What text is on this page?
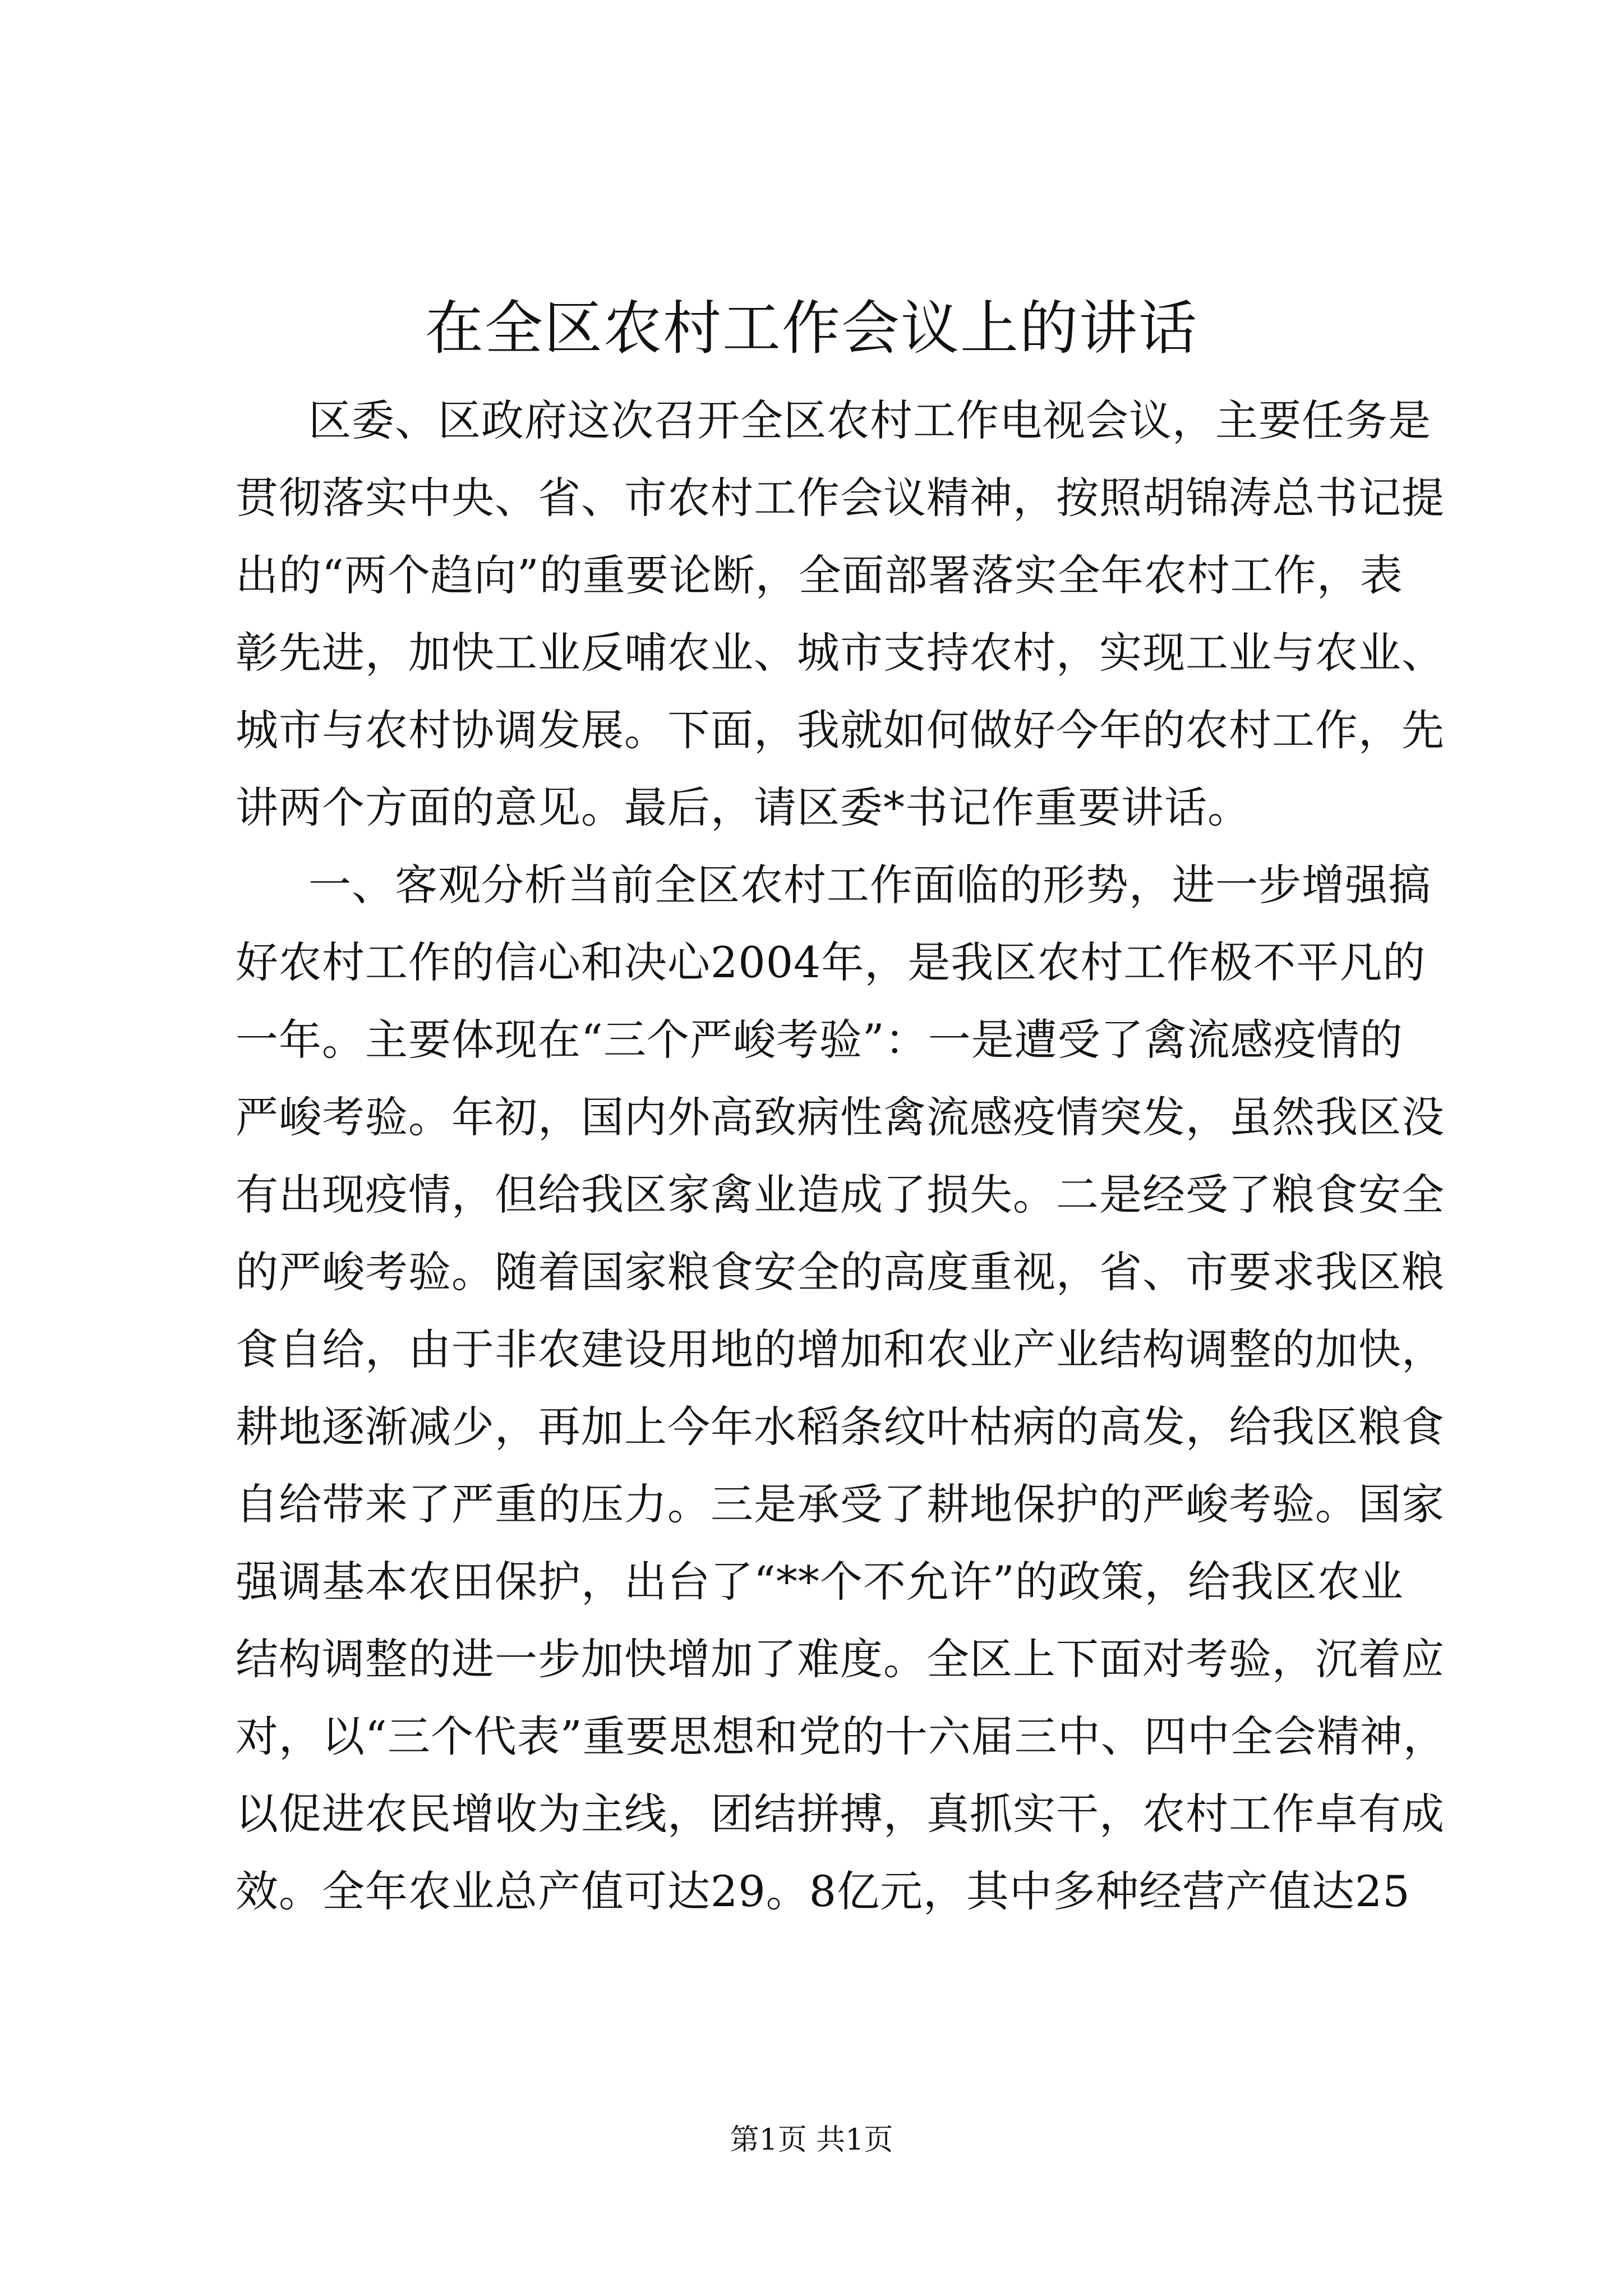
在全区农村工作会议上的讲话

区委、区政府这次召开全区农村工作电视会议，主要任务是

贯彻落实中央、省、市农村工作会议精神，按照胡锦涛总书记提

出的“两个趋向”的重要论断，全面部署落实全年农村工作，表

彰先进，加快工业反哺农业、城市支持农村，实现工业与农业、

城市与农村协调发展。下面，我就如何做好今年的农村工作，先

讲两个方面的意见。最后，请区委*书记作重要讲话。

一、客观分析当前全区农村工作面临的形势，进一步增强搞

好农村工作的信心和决心2004年，是我区农村工作极不平凡的

一年。主要体现在“三个严峻考验”：一是遭受了禽流感疫情的

严峻考验。年初，国内外高致病性禽流感疫情突发，虽然我区没

有出现疫情，但给我区家禽业造成了损失。二是经受了粮食安全

的严峻考验。随着国家粮食安全的高度重视，省、市要求我区粮

食自给，由于非农建设用地的增加和农业产业结构调整的加快，

耕地逐渐减少，再加上今年水稻条纹叶枯病的高发，给我区粮食

自给带来了严重的压力。三是承受了耕地保护的严峻考验。国家

强调基本农田保护，出台了“**个不允许”的政策，给我区农业

结构调整的进一步加快增加了难度。全区上下面对考验，沉着应

对，以“三个代表”重要思想和党的十六届三中、四中全会精神，

以促进农民增收为主线，团结拼搏，真抓实干，农村工作卓有成

效。全年农业总产值可达29。8亿元，其中多种经营产值达25

第1页 共1页
